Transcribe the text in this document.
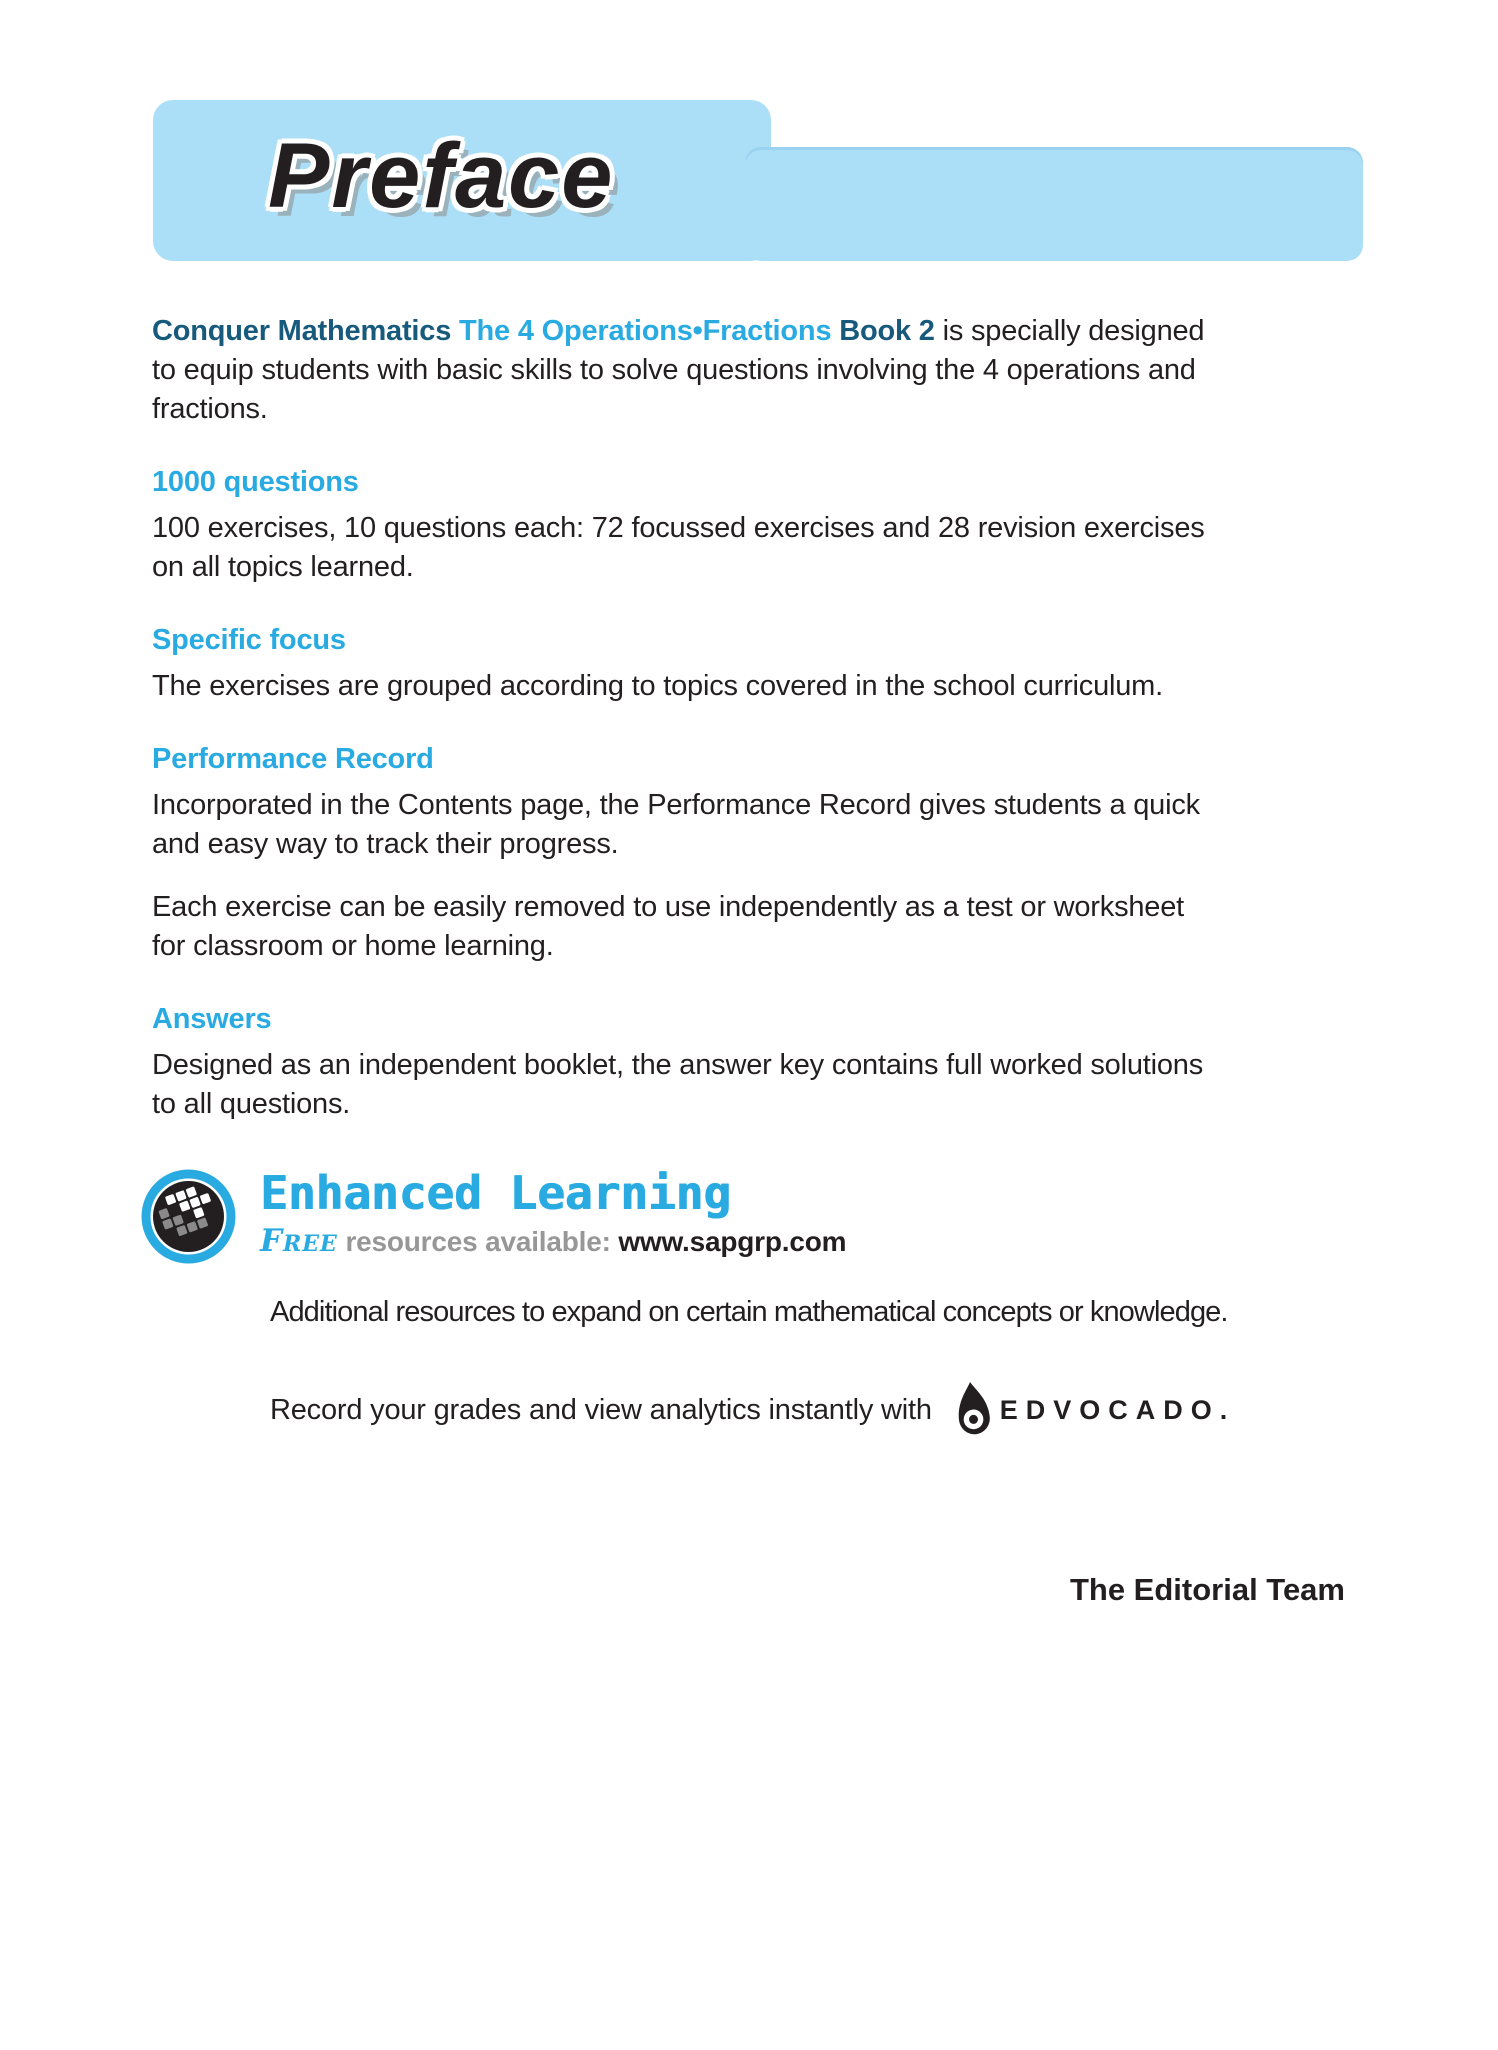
Preface
Conquer Mathematics The 4 Operations•Fractions Book 2 is specially designed
to equip students with basic skills to solve questions involving the 4 operations and
fractions.
1000 questions
100 exercises, 10 questions each: 72 focussed exercises and 28 revision exercises
on all topics learned.
Specific focus
The exercises are grouped according to topics covered in the school curriculum.
Performance Record
Incorporated in the Contents page, the Performance Record gives students a quick
and easy way to track their progress.
Each exercise can be easily removed to use independently as a test or worksheet
for classroom or home learning.
Answers
Designed as an independent booklet, the answer key contains full worked solutions
to all questions.
Enhanced Learning
Free resources available: www.sapgrp.com
Additional resources to expand on certain mathematical concepts or knowledge.
Record your grades and view analytics instantly with	EDVOCADO.
The Editorial Team
